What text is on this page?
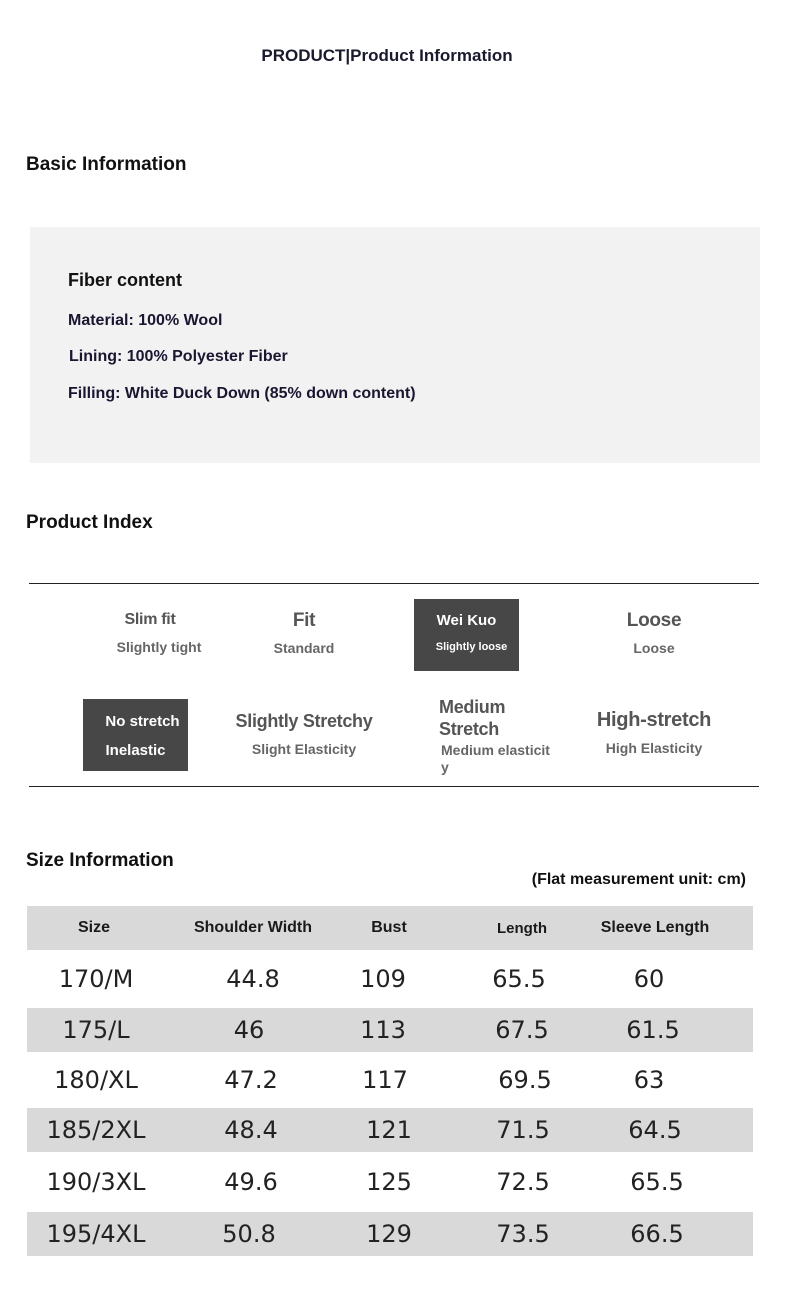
PRODUCT|Product Information
Basic Information
Fiber content
Material: 100% Wool
Lining: 100% Polyester Fiber
Filling: White Duck Down (85% down content)
Product Index
Slim fit
Slightly tight
Fit
Standard
Wei Kuo
Slightly loose
Loose
Loose
No stretch
Inelastic
Slightly Stretchy
Slight Elasticity
Medium Stretch
Medium elasticity
High-stretch
High Elasticity
Size Information
(Flat measurement unit: cm)
Size	Shoulder Width	Bust	Length	Sleeve Length
170/M	44.8	109	65.5	60
175/L	46	113	67.5	61.5
180/XL	47.2	117	69.5	63
185/2XL	48.4	121	71.5	64.5
190/3XL	49.6	125	72.5	65.5
195/4XL	50.8	129	73.5	66.5
